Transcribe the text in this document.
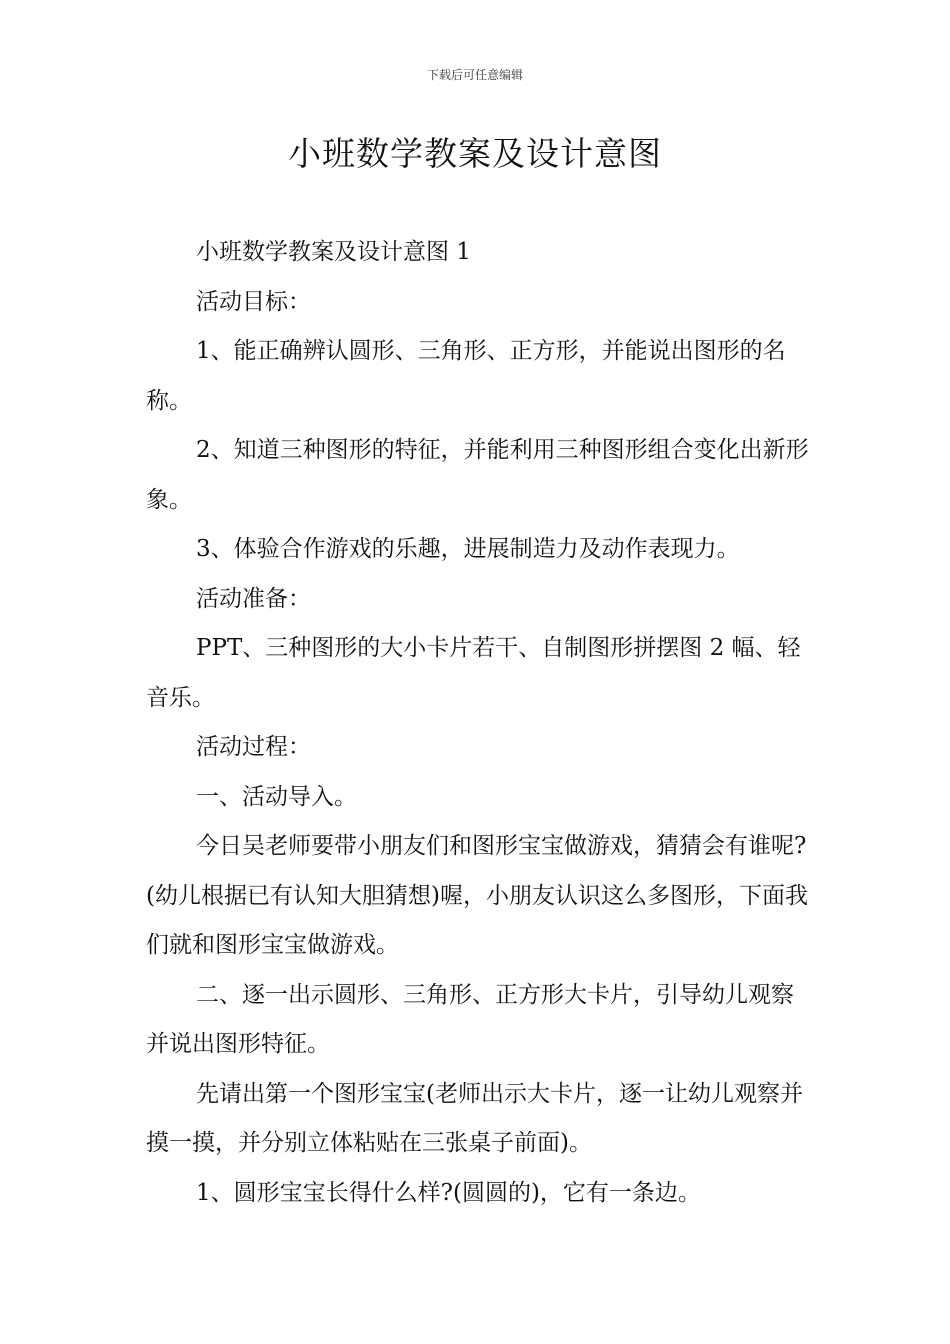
下载后可任意编辑
小班数学教案及设计意图

小班数学教案及设计意图 1

活动目标：

1、能正确辨认圆形、三角形、正方形，并能说出图形的名称。

2、知道三种图形的特征，并能利用三种图形组合变化出新形象。

3、体验合作游戏的乐趣，进展制造力及动作表现力。

活动准备：

PPT、三种图形的大小卡片若干、自制图形拼摆图 2 幅、轻音乐。

活动过程：

一、活动导入。

今日吴老师要带小朋友们和图形宝宝做游戏，猜猜会有谁呢?(幼儿根据已有认知大胆猜想)喔，小朋友认识这么多图形，下面我们就和图形宝宝做游戏。

二、逐一出示圆形、三角形、正方形大卡片，引导幼儿观察并说出图形特征。

先请出第一个图形宝宝(老师出示大卡片，逐一让幼儿观察并摸一摸，并分别立体粘贴在三张桌子前面)。

1、圆形宝宝长得什么样?(圆圆的)，它有一条边。
